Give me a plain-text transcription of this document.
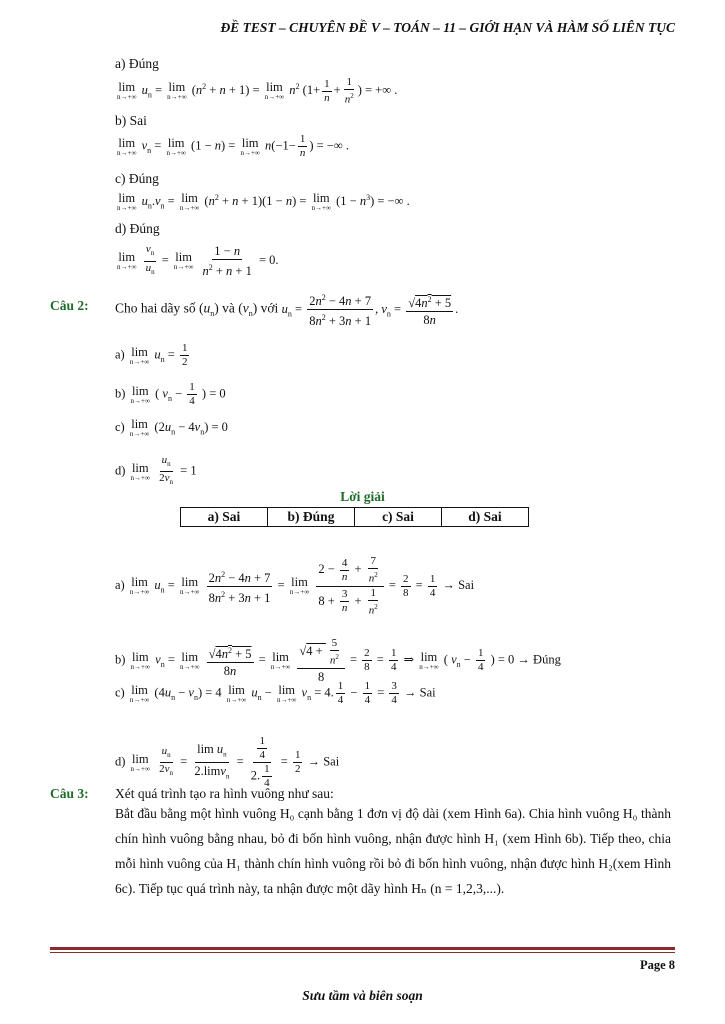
ĐỀ TEST – CHUYÊN ĐỀ V – TOÁN – 11 – GIỚI HẠN VÀ HÀM SỐ LIÊN TỤC
a) Đúng
lim
n→+∞
$u_n = \lim$
n→+∞
$(n^2 + n + 1) = \lim$
n→+∞
$n^2$ ($1+ \frac{1}{n} + \frac{1}{n^2}$ ) = +∞ .
b) Sai
lim
n→+∞
$v_n = \lim$
n→+∞
(1 − n) = lim
n→+∞
$n(-1- \frac{1}{n}$ ) = −∞ .
c) Đúng
lim
n→+∞
$u_n.v_n = \lim$
n→+∞
$(n^2 + n + 1)(1 - n) = \lim$
n→+∞
$(1 - n^3)$ = −∞ .
d) Đúng
lim
n→+∞
$\frac{v_n}{u_n} = \lim$
n→+∞
$\frac{1 - n}{n^2 + n + 1} = 0$.
Câu 2: Cho hai dãy số $(u_n)$ và $(v_n)$ với $u_n = \frac{2n^2 - 4n + 7}{8n^2 + 3n + 1}$ , $v_n = \frac{√4n^2 + 5}{8n}$ .
a) lim
n→+∞
$u_n = \frac{1}{2}$
b) lim
n→+∞
( $v_n - \frac{1}{4}$ ) = 0
c) lim
n→+∞
$(2u_n - 4v_n) = 0$
d) lim
n→+∞
$\frac{u_n}{2v_n} = 1$
Lời giải
a) Sai	b) Đúng	c) Sai	d) Sai
a) lim
n→+∞
$u_n = \lim$
n→+∞
$\frac{2n^2 - 4n + 7}{8n^2 + 3n + 1} = \lim$
n→+∞
$\frac{2 - \frac{4}{n} + \frac{7}{n^2}}{8 + \frac{3}{n} + \frac{1}{n^2}} = \frac{2}{8} = \frac{1}{4}$ → Sai
b) lim
n→+∞
$v_n = \lim$
n→+∞
$\frac{√4n^2 + 5}{8n} = \lim$
n→+∞
$\frac{√4 + \frac{5}{n^2}}{8} = \frac{2}{8} = \frac{1}{4}$ ⇒ lim
n→+∞
( $v_n - \frac{1}{4}$ ) = 0 → Đúng
c) lim
n→+∞
$(4u_n - v_n) = 4$ lim
n→+∞
$u_n - \lim$
n→+∞
$v_n = 4$. $\frac{1}{4} - \frac{1}{4} = \frac{3}{4}$ → Sai
d) lim
n→+∞
$\frac{u_n}{2v_n} = \frac{\lim u_n}{2.\lim v_n} = \frac{\frac{1}{4}}{2. \frac{1}{4}} = \frac{1}{2}$ → Sai
Câu 3: Xét quá trình tạo ra hình vuông như sau:
Bắt đầu bằng một hình vuông H₀ cạnh bằng 1 đơn vị độ dài (xem Hình 6a). Chia hình vuông H₀ thành chín hình vuông bằng nhau, bỏ đi bốn hình vuông, nhận được hình H₁ (xem Hình 6b). Tiếp theo, chia mỗi hình vuông của H₁ thành chín hình vuông rồi bỏ đi bốn hình vuông, nhận được hình H₂(xem Hình 6c). Tiếp tục quá trình này, ta nhận được một dãy hình Hₙ (n = 1,2,3,...).
Page 8
Sưu tầm và biên soạn
